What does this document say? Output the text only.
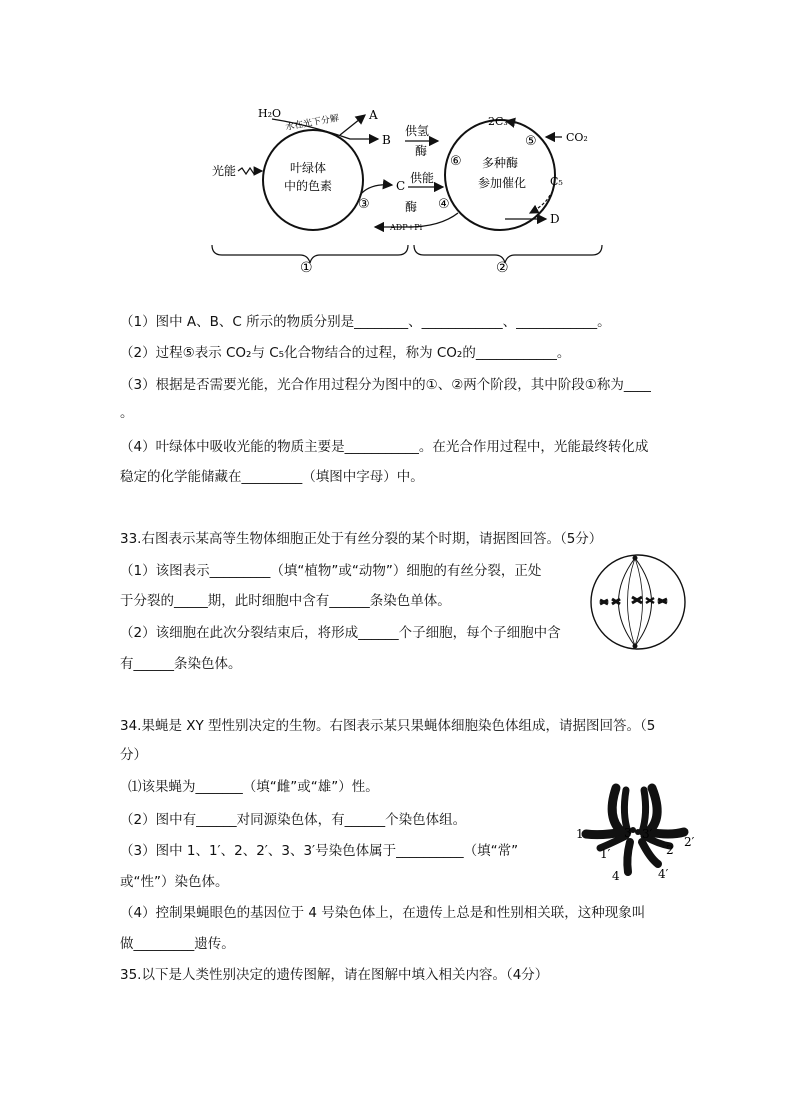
H₂O
水在光下分解 A
B
光能	叶绿体
中的色素	C
③
供氢
酶
供能
酶 ④
ADP+Pi
2C₃
⑤	CO₂
⑥ 多种酶
参加催化 C₅
D
①	②
（1）图中 A、B、C 所示的物质分别是________、____________、____________。
（2）过程⑤表示 CO₂与 C₅化合物结合的过程，称为 CO₂的____________。
（3）根据是否需要光能，光合作用过程分为图中的①、②两个阶段，其中阶段①称为____
。
（4）叶绿体中吸收光能的物质主要是___________。在光合作用过程中，光能最终转化成
稳定的化学能储藏在_________（填图中字母）中。
33.右图表示某高等生物体细胞正处于有丝分裂的某个时期，请据图回答。（5分）
（1）该图表示_________（填“植物”或“动物”）细胞的有丝分裂，正处
于分裂的_____期，此时细胞中含有______条染色单体。
（2）该细胞在此次分裂结束后，将形成______个子细胞，每个子细胞中含
有______条染色体。
34.果蝇是 XY 型性别决定的生物。右图表示某只果蝇体细胞染色体组成，请据图回答。（5
分）
⑴该果蝇为_______（填“雌”或“雄”）性。
（2）图中有______对同源染色体，有______个染色体组。
（3）图中 1、1′、2、2′、3、3′号染色体属于__________（填“常”
或“性”）染色体。
（4）控制果蝇眼色的基因位于 4 号染色体上，在遗传上总是和性别相关联，这种现象叫
做_________遗传。
1
1′	2
2′
3 3′
4	4′
35.以下是人类性别决定的遗传图解，请在图解中填入相关内容。（4分）
